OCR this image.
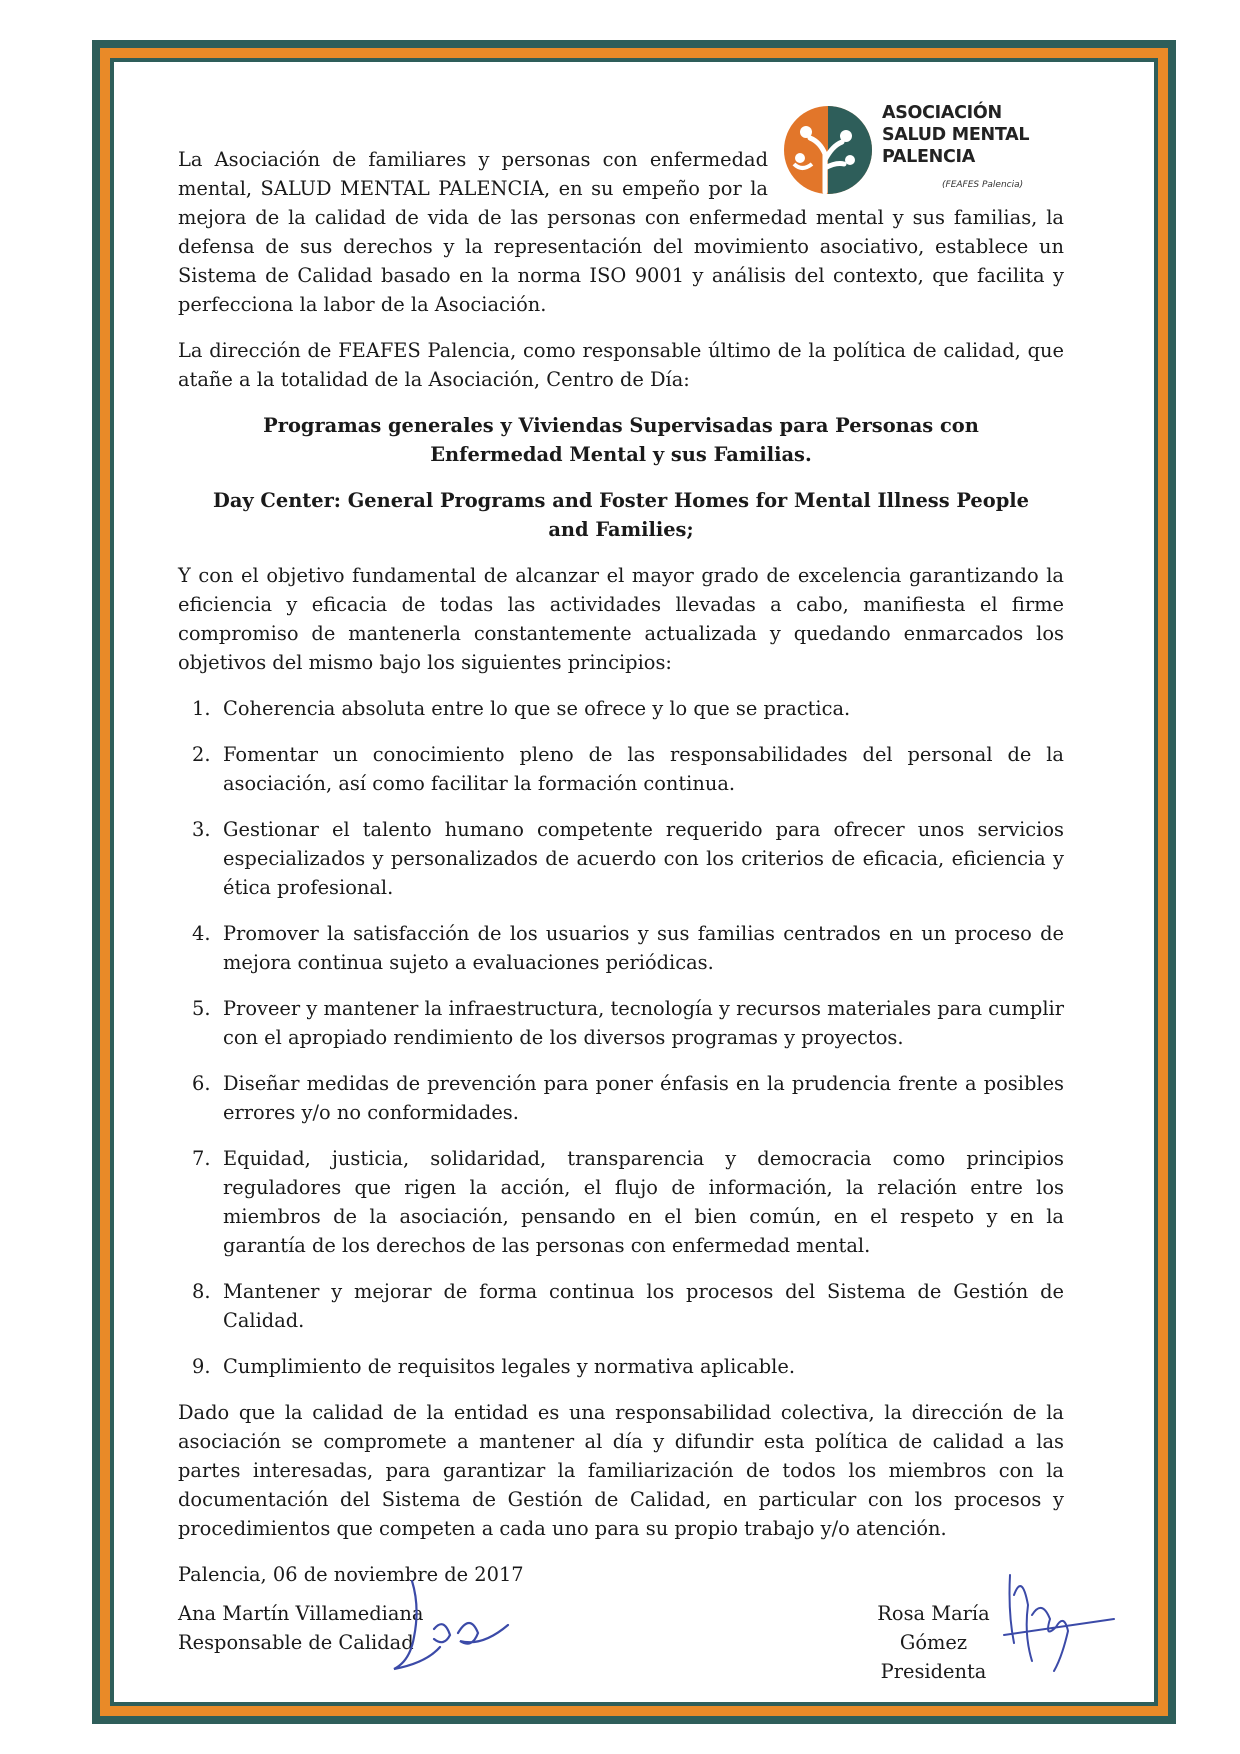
ASOCIACIÓN
SALUD MENTAL
PALENCIA
(FEAFES Palencia)

La Asociación de familiares y personas con enfermedad mental, SALUD MENTAL PALENCIA, en su empeño por la mejora de la calidad de vida de las personas con enfermedad mental y sus familias, la defensa de sus derechos y la representación del movimiento asociativo, establece un Sistema de Calidad basado en la norma ISO 9001 y análisis del contexto, que facilita y perfecciona la labor de la Asociación.

La dirección de FEAFES Palencia, como responsable último de la política de calidad, que atañe a la totalidad de la Asociación, Centro de Día:

Programas generales y Viviendas Supervisadas para Personas con Enfermedad Mental y sus Familias.

Day Center: General Programs and Foster Homes for Mental Illness People and Families;

Y con el objetivo fundamental de alcanzar el mayor grado de excelencia garantizando la eficiencia y eficacia de todas las actividades llevadas a cabo, manifiesta el firme compromiso de mantenerla constantemente actualizada y quedando enmarcados los objetivos del mismo bajo los siguientes principios:

1. Coherencia absoluta entre lo que se ofrece y lo que se practica.
2. Fomentar un conocimiento pleno de las responsabilidades del personal de la asociación, así como facilitar la formación continua.
3. Gestionar el talento humano competente requerido para ofrecer unos servicios especializados y personalizados de acuerdo con los criterios de eficacia, eficiencia y ética profesional.
4. Promover la satisfacción de los usuarios y sus familias centrados en un proceso de mejora continua sujeto a evaluaciones periódicas.
5. Proveer y mantener la infraestructura, tecnología y recursos materiales para cumplir con el apropiado rendimiento de los diversos programas y proyectos.
6. Diseñar medidas de prevención para poner énfasis en la prudencia frente a posibles errores y/o no conformidades.
7. Equidad, justicia, solidaridad, transparencia y democracia como principios reguladores que rigen la acción, el flujo de información, la relación entre los miembros de la asociación, pensando en el bien común, en el respeto y en la garantía de los derechos de las personas con enfermedad mental.
8. Mantener y mejorar de forma continua los procesos del Sistema de Gestión de Calidad.
9. Cumplimiento de requisitos legales y normativa aplicable.

Dado que la calidad de la entidad es una responsabilidad colectiva, la dirección de la asociación se compromete a mantener al día y difundir esta política de calidad a las partes interesadas, para garantizar la familiarización de todos los miembros con la documentación del Sistema de Gestión de Calidad, en particular con los procesos y procedimientos que competen a cada uno para su propio trabajo y/o atención.

Palencia, 06 de noviembre de 2017
Ana Martín Villamediana
Responsable de Calidad
Rosa María Gómez
Presidenta
